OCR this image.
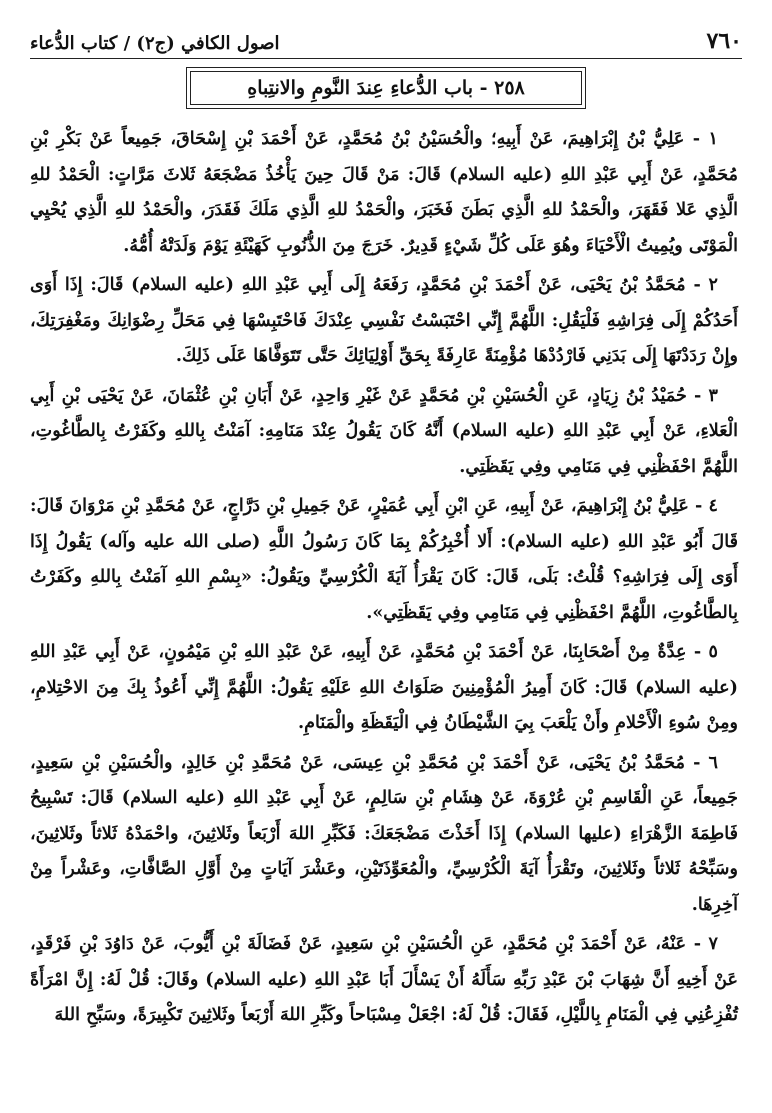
٧٦٠
اصول الكافي (ج٢) / كتاب الدُّعاء
٢٥٨ - باب الدُّعاءِ عِندَ النَّومِ والانتِباهِ

١ - عَلِيُّ بْنُ إِبْرَاهِيمَ، عَنْ أَبِيهِ؛ والْحُسَيْنُ بْنُ مُحَمَّدٍ، عَنْ أَحْمَدَ بْنِ إِسْحَاقَ، جَمِيعاً عَنْ بَكْرِ بْنِ مُحَمَّدٍ، عَنْ أَبِي عَبْدِ اللهِ (عليه السلام) قَالَ: مَنْ قَالَ حِينَ يَأْخُذُ مَضْجَعَهُ ثَلاثَ مَرَّاتٍ: الْحَمْدُ للهِ الَّذِي عَلا فَقَهَرَ، والْحَمْدُ للهِ الَّذِي بَطَنَ فَخَبَرَ، والْحَمْدُ للهِ الَّذِي مَلَكَ فَقَدَرَ، والْحَمْدُ للهِ الَّذِي يُحْيِي الْمَوْتَى ويُمِيتُ الْأَحْيَاءَ وهُوَ عَلَى كُلِّ شَيْءٍ قَدِيرٌ. خَرَجَ مِنَ الذُّنُوبِ كَهَيْئَةِ يَوْمَ وَلَدَتْهُ أُمُّهُ.

٢ - مُحَمَّدُ بْنُ يَحْيَى، عَنْ أَحْمَدَ بْنِ مُحَمَّدٍ، رَفَعَهُ إِلَى أَبِي عَبْدِ اللهِ (عليه السلام) قَالَ: إِذَا أَوَى أَحَدُكُمْ إِلَى فِرَاشِهِ فَلْيَقُلِ: اللَّهُمَّ إِنِّي احْتَبَسْتُ نَفْسِي عِنْدَكَ فَاحْتَبِسْهَا فِي مَحَلِّ رِضْوَانِكَ ومَغْفِرَتِكَ، وإِنْ رَدَدْتَهَا إِلَى بَدَنِي فَارْدُدْهَا مُؤْمِنَةً عَارِفَةً بِحَقِّ أَوْلِيَائِكَ حَتَّى تَتَوَفَّاهَا عَلَى ذَلِكَ.

٣ - حُمَيْدُ بْنُ زِيَادٍ، عَنِ الْحُسَيْنِ بْنِ مُحَمَّدٍ عَنْ غَيْرِ وَاحِدٍ، عَنْ أَبَانِ بْنِ عُثْمَانَ، عَنْ يَحْيَى بْنِ أَبِي الْعَلاءِ، عَنْ أَبِي عَبْدِ اللهِ (عليه السلام) أَنَّهُ كَانَ يَقُولُ عِنْدَ مَنَامِهِ: آمَنْتُ بِاللهِ وكَفَرْتُ بِالطَّاغُوتِ، اللَّهُمَّ احْفَظْنِي فِي مَنَامِي وفِي يَقَظَتِي.

٤ - عَلِيُّ بْنُ إِبْرَاهِيمَ، عَنْ أَبِيهِ، عَنِ ابْنِ أَبِي عُمَيْرٍ، عَنْ جَمِيلِ بْنِ دَرَّاجٍ، عَنْ مُحَمَّدِ بْنِ مَرْوَانَ قَالَ: قَالَ أَبُو عَبْدِ اللهِ (عليه السلام): أَلا أُخْبِرُكُمْ بِمَا كَانَ رَسُولُ اللَّهِ (صلى الله عليه وآله) يَقُولُ إِذَا أَوَى إِلَى فِرَاشِهِ؟ قُلْتُ: بَلَى، قَالَ: كَانَ يَقْرَأُ آيَةَ الْكُرْسِيِّ ويَقُولُ: «بِسْمِ اللهِ آمَنْتُ بِاللهِ وكَفَرْتُ بِالطَّاغُوتِ، اللَّهُمَّ احْفَظْنِي فِي مَنَامِي وفِي يَقَظَتِي».

٥ - عِدَّةٌ مِنْ أَصْحَابِنَا، عَنْ أَحْمَدَ بْنِ مُحَمَّدٍ، عَنْ أَبِيهِ، عَنْ عَبْدِ اللهِ بْنِ مَيْمُونٍ، عَنْ أَبِي عَبْدِ اللهِ (عليه السلام) قَالَ: كَانَ أَمِيرُ الْمُؤْمِنِينَ صَلَوَاتُ اللهِ عَلَيْهِ يَقُولُ: اللَّهُمَّ إِنِّي أَعُوذُ بِكَ مِنَ الاحْتِلامِ، ومِنْ سُوءِ الْأَحْلامِ وأَنْ يَلْعَبَ بِيَ الشَّيْطَانُ فِي الْيَقَظَةِ والْمَنَامِ.

٦ - مُحَمَّدُ بْنُ يَحْيَى، عَنْ أَحْمَدَ بْنِ مُحَمَّدِ بْنِ عِيسَى، عَنْ مُحَمَّدِ بْنِ خَالِدٍ، والْحُسَيْنِ بْنِ سَعِيدٍ، جَمِيعاً، عَنِ الْقَاسِمِ بْنِ عُرْوَةَ، عَنْ هِشَامِ بْنِ سَالِمٍ، عَنْ أَبِي عَبْدِ اللهِ (عليه السلام) قَالَ: تَسْبِيحُ فَاطِمَةَ الزَّهْرَاءِ (عليها السلام) إِذَا أَخَذْتَ مَضْجَعَكَ: فَكَبِّرِ اللهَ أَرْبَعاً وثَلاثِينَ، واحْمَدْهُ ثَلاثاً وثَلاثِينَ، وسَبِّحْهُ ثَلاثاً وثَلاثِينَ، وتَقْرَأُ آيَةَ الْكُرْسِيِّ، والْمُعَوِّذَتَيْنِ، وعَشْرَ آيَاتٍ مِنْ أَوَّلِ الصَّافَّاتِ، وعَشْراً مِنْ آخِرِهَا.

٧ - عَنْهُ، عَنْ أَحْمَدَ بْنِ مُحَمَّدٍ، عَنِ الْحُسَيْنِ بْنِ سَعِيدٍ، عَنْ فَضَالَةَ بْنِ أَيُّوبَ، عَنْ دَاوُدَ بْنِ فَرْقَدٍ، عَنْ أَخِيهِ أَنَّ شِهَابَ بْنَ عَبْدِ رَبِّهِ سَأَلَهُ أَنْ يَسْأَلَ أَبَا عَبْدِ اللهِ (عليه السلام) وقَالَ: قُلْ لَهُ: إِنَّ امْرَأَةً تُفْزِعُنِي فِي الْمَنَامِ بِاللَّيْلِ، فَقَالَ: قُلْ لَهُ: اجْعَلْ مِسْبَاحاً وكَبِّرِ اللهَ أَرْبَعاً وثَلاثِينَ تَكْبِيرَةً، وسَبِّحِ اللهَ
